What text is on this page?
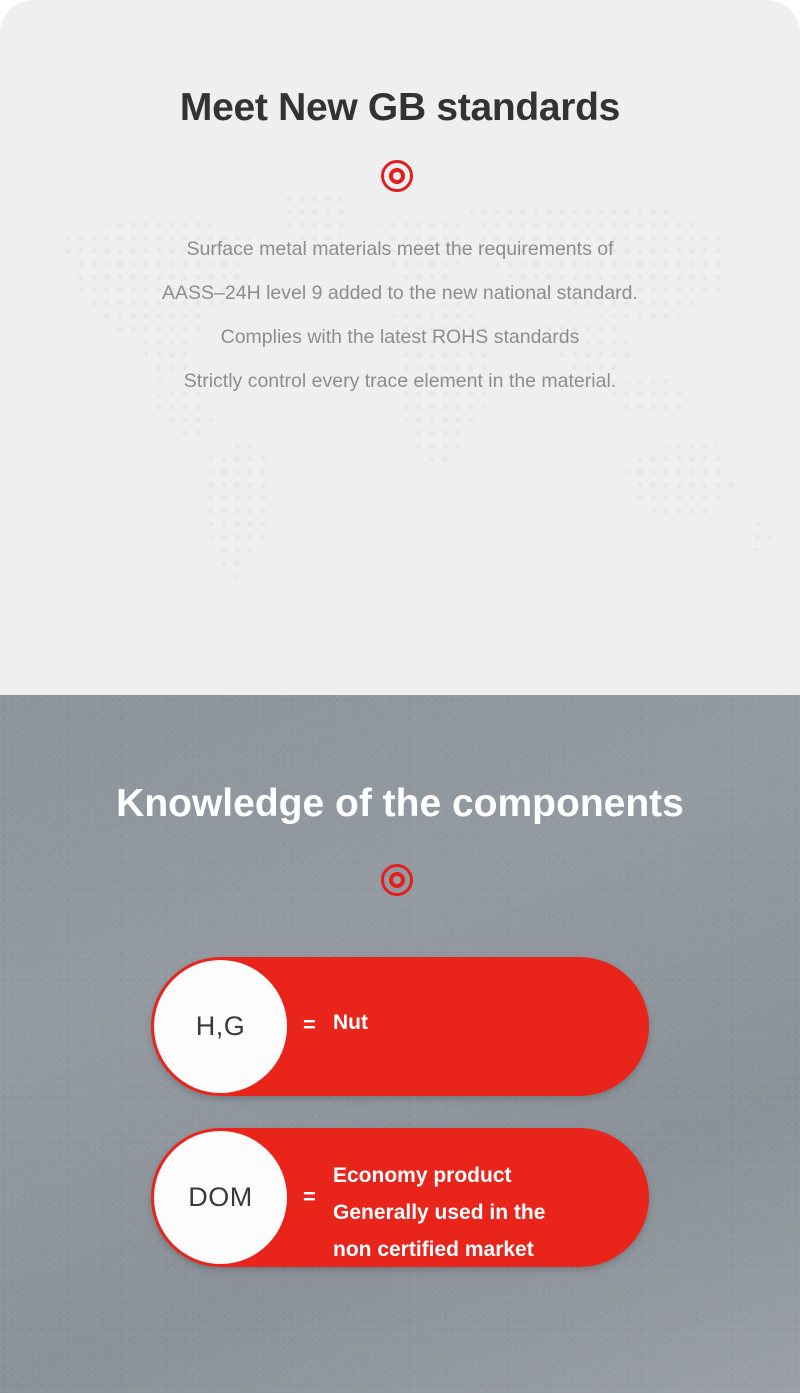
Meet New GB standards

Surface metal materials meet the requirements of
AASS–24H level 9 added to the new national standard.
Complies with the latest ROHS standards
Strictly control every trace element in the material.

Knowledge of the components
H,G	= Nut
DOM =
Economy product
Generally used in the
non certified market
